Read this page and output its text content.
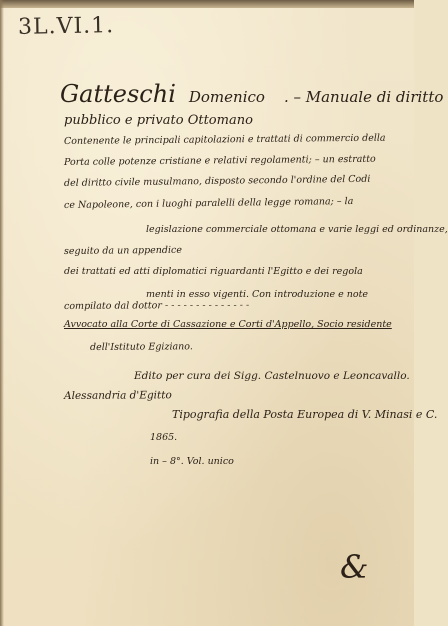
3L.VI.1.
Gatteschi Domenico . – Manuale di diritto
pubblico e privato Ottomano
Contenente le principali capitolazioni e trattati di commercio della
Porta colle potenze cristiane e relativi regolamenti; – un estratto
del diritto civile musulmano, disposto secondo l'ordine del Codi
ce Napoleone, con i luoghi paralelli della legge romana; – la
legislazione commerciale ottomana e varie leggi ed ordinanze,
seguito da un appendice
dei trattati ed atti diplomatici riguardanti l'Egitto e dei regola
menti in esso vigenti. Con introduzione e note
compilato dal dottor - - - - - - - - - - - - - -
Avvocato alla Corte di Cassazione e Corti d'Appello, Socio residente
dell'Istituto Egiziano.
Edito per cura dei Sigg. Castelnuovo e Leoncavallo.
Alessandria d'Egitto
Tipografia della Posta Europea di V. Minasi e C.
1865.
in – 8°. Vol. unico
&
